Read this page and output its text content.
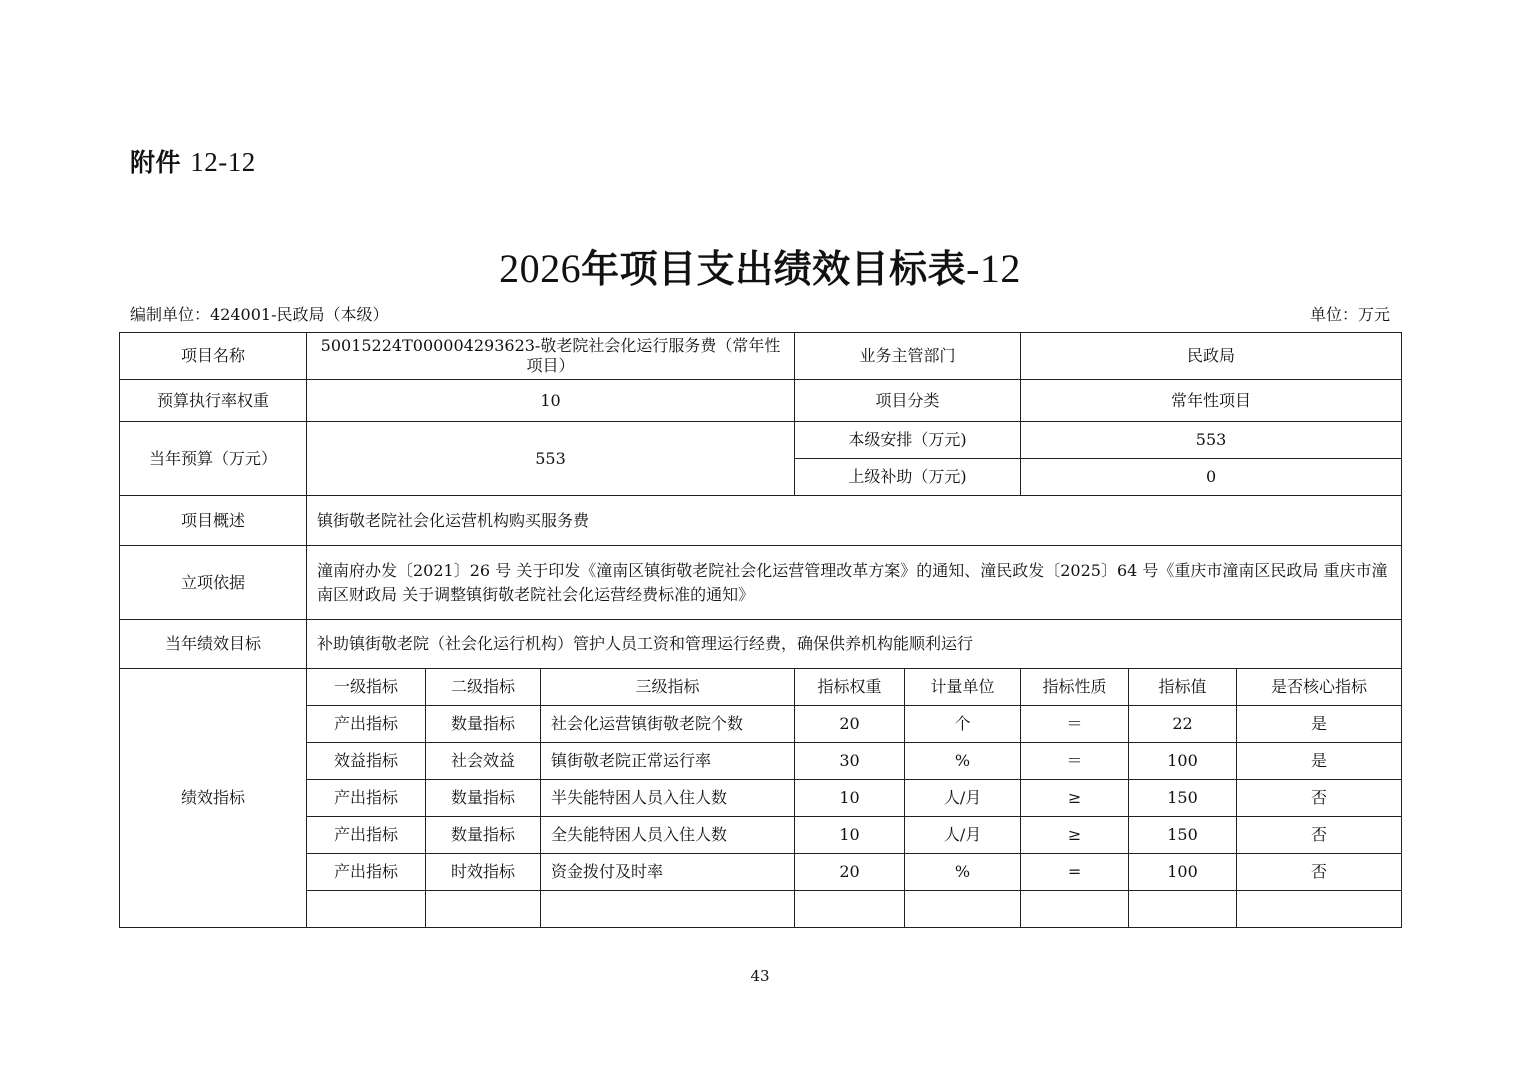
附件 12-12
2026年项目支出绩效目标表-12
编制单位：424001-民政局（本级）	单位：万元
项目名称	50015224T000004293623-敬老院社会化运行服务费（常年性项目）			业务主管部门		民政局		
预算执行率权重	10			项目分类		常年性项目		
当年预算（万元）	553			本级安排（万元)		553		
				上级补助（万元)		0		
项目概述	镇街敬老院社会化运营机构购买服务费							
立项依据	潼南府办发〔2021〕26 号 关于印发《潼南区镇街敬老院社会化运营管理改革方案》的通知、潼民政发〔2025〕64 号《重庆市潼南区民政局 重庆市潼南区财政局 关于调整镇街敬老院社会化运营经费标准的通知》							
当年绩效目标	补助镇街敬老院（社会化运行机构）管护人员工资和管理运行经费，确保供养机构能顺利运行							
绩效指标	一级指标	二级指标	三级指标	指标权重	计量单位	指标性质	指标值	是否核心指标
	产出指标	数量指标	社会化运营镇街敬老院个数	20	个	＝	22	是
	效益指标	社会效益	镇街敬老院正常运行率	30	%	＝	100	是
	产出指标	数量指标	半失能特困人员入住人数	10	人/月	≥	150	否
	产出指标	数量指标	全失能特困人员入住人数	10	人/月	≥	150	否
	产出指标	时效指标	资金拨付及时率	20	%	=	100	否

43
